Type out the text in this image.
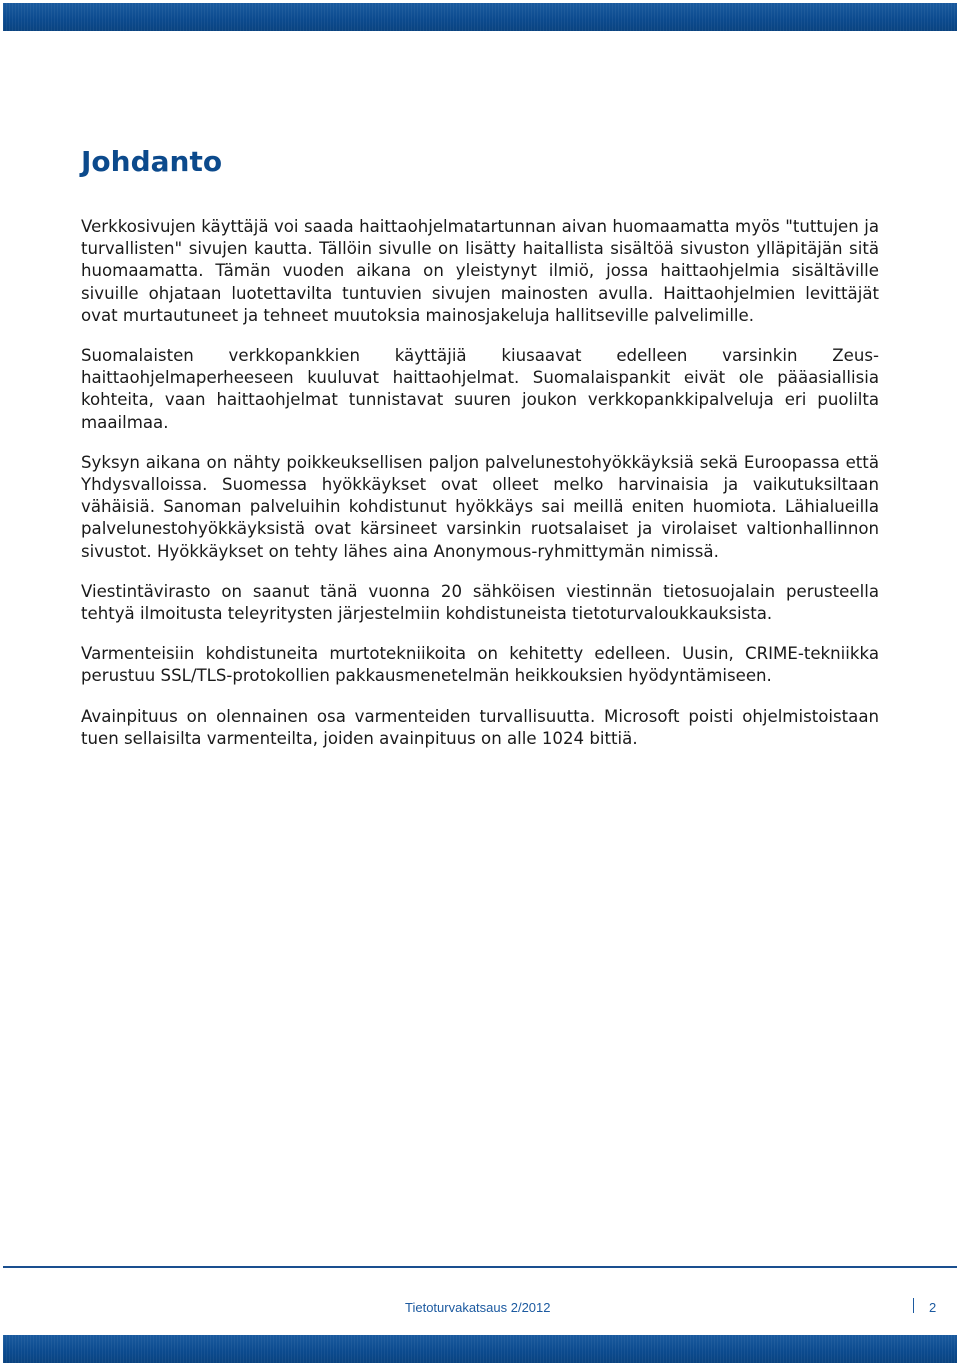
Johdanto

Verkkosivujen käyttäjä voi saada haittaohjelmatartunnan aivan huomaamatta myös "tuttujen ja turvallisten" sivujen kautta. Tällöin sivulle on lisätty haitallista sisältöä sivuston ylläpitäjän sitä huomaamatta. Tämän vuoden aikana on yleistynyt ilmiö, jossa haittaohjelmia sisältäville sivuille ohjataan luotettavilta tuntuvien sivujen mainosten avulla. Haittaohjelmien levittäjät ovat murtautuneet ja tehneet muutoksia mainosjakeluja hallitseville palvelimille.

Suomalaisten verkkopankkien käyttäjiä kiusaavat edelleen varsinkin Zeus-haittaohjelmaperheeseen kuuluvat haittaohjelmat. Suomalaispankit eivät ole pääasiallisia kohteita, vaan haittaohjelmat tunnistavat suuren joukon verkkopankkipalveluja eri puolilta maailmaa.

Syksyn aikana on nähty poikkeuksellisen paljon palvelunestohyökkäyksiä sekä Euroopassa että Yhdysvalloissa. Suomessa hyökkäykset ovat olleet melko harvinaisia ja vaikutuksiltaan vähäisiä. Sanoman palveluihin kohdistunut hyökkäys sai meillä eniten huomiota. Lähialueilla palvelunestohyökkäyksistä ovat kärsineet varsinkin ruotsalaiset ja virolaiset valtionhallinnon sivustot. Hyökkäykset on tehty lähes aina Anonymous-ryhmittymän nimissä.

Viestintävirasto on saanut tänä vuonna 20 sähköisen viestinnän tietosuojalain perusteella tehtyä ilmoitusta teleyritysten järjestelmiin kohdistuneista tietoturvaloukkauksista.

Varmenteisiin kohdistuneita murtotekniikoita on kehitetty edelleen. Uusin, CRIME-tekniikka perustuu SSL/TLS-protokollien pakkausmenetelmän heikkouksien hyödyntämiseen.

Avainpituus on olennainen osa varmenteiden turvallisuutta. Microsoft poisti ohjelmistoistaan tuen sellaisilta varmenteilta, joiden avainpituus on alle 1024 bittiä.

Tietoturvakatsaus 2/2012	2
